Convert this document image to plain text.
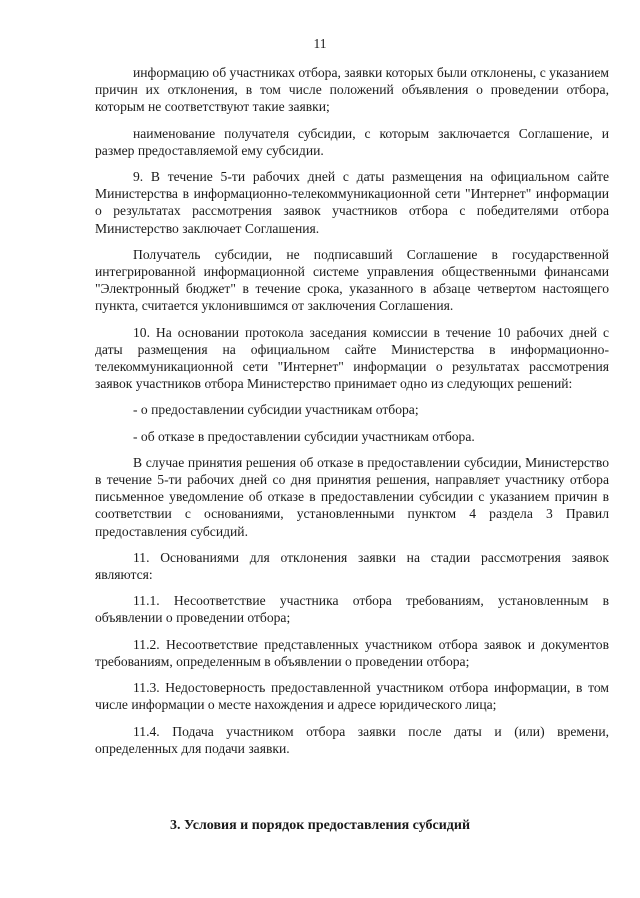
11

информацию об участниках отбора, заявки которых были отклонены, с указанием причин их отклонения, в том числе положений объявления о проведении отбора, которым не соответствуют такие заявки;

наименование получателя субсидии, с которым заключается Соглашение, и размер предоставляемой ему субсидии.

9. В течение 5-ти рабочих дней с даты размещения на официальном сайте Министерства в информационно-телекоммуникационной сети "Интернет" информации о результатах рассмотрения заявок участников отбора с победителями отбора Министерство заключает Соглашения.

Получатель субсидии, не подписавший Соглашение в государственной интегрированной информационной системе управления общественными финансами "Электронный бюджет" в течение срока, указанного в абзаце четвертом настоящего пункта, считается уклонившимся от заключения Соглашения.

10. На основании протокола заседания комиссии в течение 10 рабочих дней с даты размещения на официальном сайте Министерства в информационно-телекоммуникационной сети "Интернет" информации о результатах рассмотрения заявок участников отбора Министерство принимает одно из следующих решений:

- о предоставлении субсидии участникам отбора;

- об отказе в предоставлении субсидии участникам отбора.

В случае принятия решения об отказе в предоставлении субсидии, Министерство в течение 5-ти рабочих дней со дня принятия решения, направляет участнику отбора письменное уведомление об отказе в предоставлении субсидии с указанием причин в соответствии с основаниями, установленными пунктом 4 раздела 3 Правил предоставления субсидий.

11. Основаниями для отклонения заявки на стадии рассмотрения заявок являются:

11.1. Несоответствие участника отбора требованиям, установленным в объявлении о проведении отбора;

11.2. Несоответствие представленных участником отбора заявок и документов требованиям, определенным в объявлении о проведении отбора;

11.3. Недостоверность предоставленной участником отбора информации, в том числе информации о месте нахождения и адресе юридического лица;

11.4. Подача участником отбора заявки после даты и (или) времени, определенных для подачи заявки.

3. Условия и порядок предоставления субсидий
